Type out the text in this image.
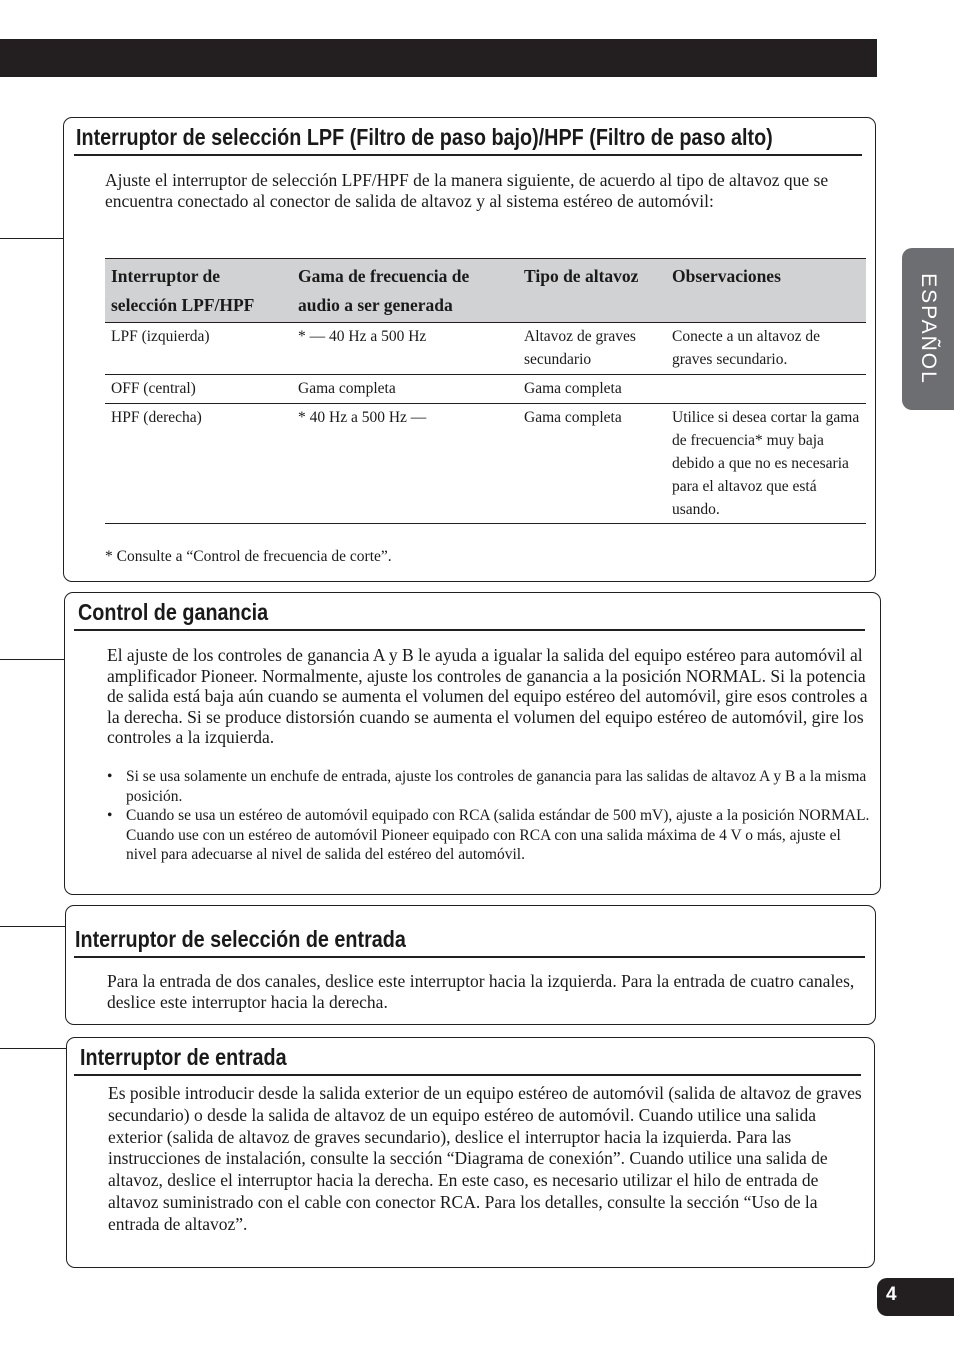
ESPAÑOL
Interruptor de selección LPF (Filtro de paso bajo)/HPF (Filtro de paso alto)

Ajuste el interruptor de selección LPF/HPF de la manera siguiente, de acuerdo al tipo de altavoz que se encuentra conectado al conector de salida de altavoz y al sistema estéreo de automóvil:

Interruptor de selección LPF/HPF	Gama de frecuencia de audio a ser generada	Tipo de altavoz	Observaciones
LPF (izquierda)	* — 40 Hz a 500 Hz	Altavoz de graves secundario	Conecte a un altavoz de graves secundario.
OFF (central)	Gama completa	Gama completa	
HPF (derecha)	* 40 Hz a 500 Hz —	Gama completa	Utilice si desea cortar la gama de frecuencia* muy baja debido a que no es necesaria para el altavoz que está usando.
* Consulte a “Control de frecuencia de corte”.
Control de ganancia

El ajuste de los controles de ganancia A y B le ayuda a igualar la salida del equipo estéreo para automóvil al amplificador Pioneer. Normalmente, ajuste los controles de ganancia a la posición NORMAL. Si la potencia de salida está baja aún cuando se aumenta el volumen del equipo estéreo del automóvil, gire esos controles a la derecha. Si se produce distorsión cuando se aumenta el volumen del equipo estéreo de automóvil, gire los controles a la izquierda.

• Si se usa solamente un enchufe de entrada, ajuste los controles de ganancia para las salidas de altavoz A y B a la misma posición.
• Cuando se usa un estéreo de automóvil equipado con RCA (salida estándar de 500 mV), ajuste a la posición NORMAL. Cuando use con un estéreo de automóvil Pioneer equipado con RCA con una salida máxima de 4 V o más, ajuste el nivel para adecuarse al nivel de salida del estéreo del automóvil.
Interruptor de selección de entrada

Para la entrada de dos canales, deslice este interruptor hacia la izquierda. Para la entrada de cuatro canales, deslice este interruptor hacia la derecha.

Interruptor de entrada

Es posible introducir desde la salida exterior de un equipo estéreo de automóvil (salida de altavoz de graves secundario) o desde la salida de altavoz de un equipo estéreo de automóvil. Cuando utilice una salida exterior (salida de altavoz de graves secundario), deslice el interruptor hacia la izquierda. Para las instrucciones de instalación, consulte la sección “Diagrama de conexión”. Cuando utilice una salida de altavoz, deslice el interruptor hacia la derecha. En este caso, es necesario utilizar el hilo de entrada de altavoz suministrado con el cable con conector RCA. Para los detalles, consulte la sección “Uso de la entrada de altavoz”.

4
